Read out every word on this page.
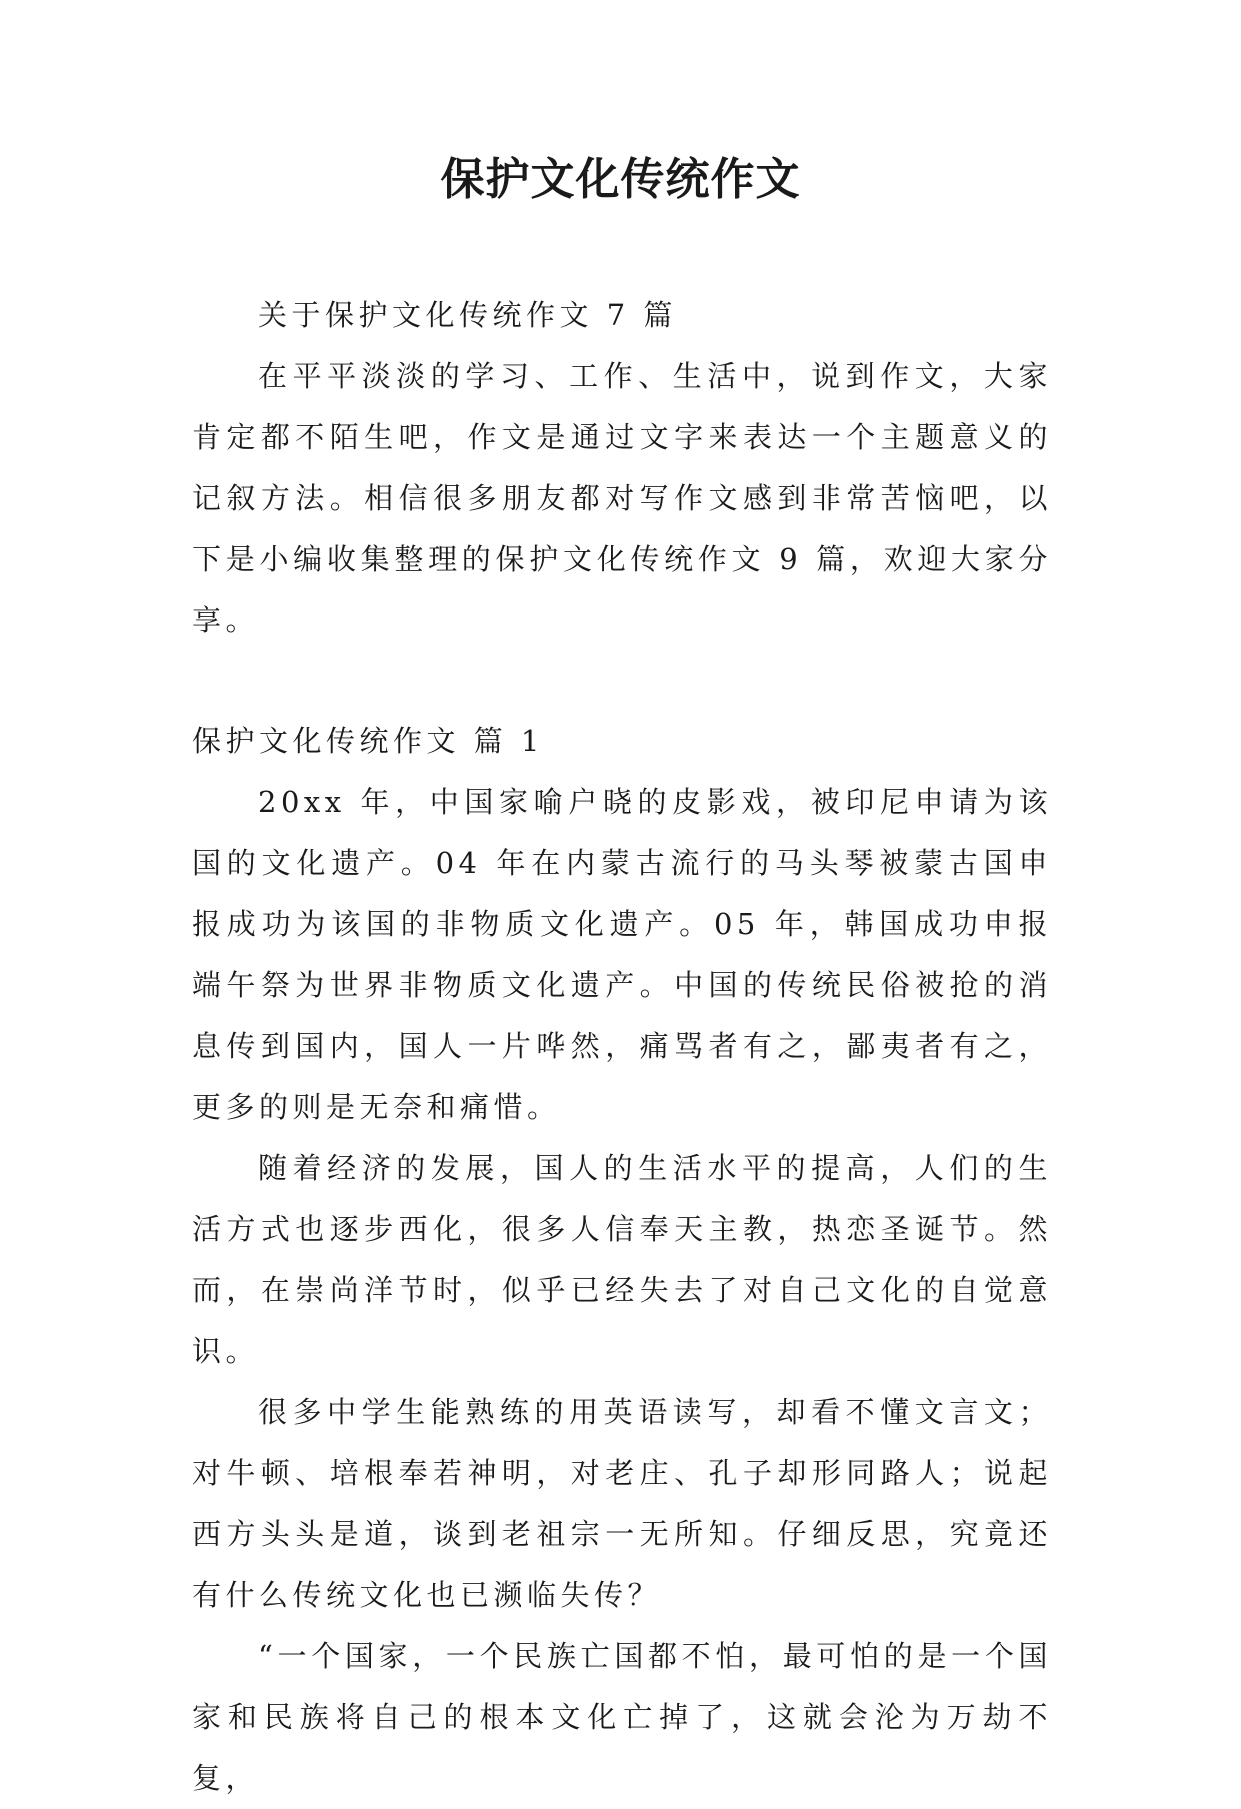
保护文化传统作文

关于保护文化传统作文 7 篇

在平平淡淡的学习、工作、生活中，说到作文，大家肯定都不陌生吧，作文是通过文字来表达一个主题意义的记叙方法。相信很多朋友都对写作文感到非常苦恼吧，以下是小编收集整理的保护文化传统作文 9 篇，欢迎大家分享。

保护文化传统作文 篇 1

20xx 年，中国家喻户晓的皮影戏，被印尼申请为该国的文化遗产。04 年在内蒙古流行的马头琴被蒙古国申报成功为该国的非物质文化遗产。05 年，韩国成功申报端午祭为世界非物质文化遗产。中国的传统民俗被抢的消息传到国内，国人一片哗然，痛骂者有之，鄙夷者有之，更多的则是无奈和痛惜。

随着经济的发展，国人的生活水平的提高，人们的生活方式也逐步西化，很多人信奉天主教，热恋圣诞节。然而，在崇尚洋节时，似乎已经失去了对自己文化的自觉意识。

很多中学生能熟练的用英语读写，却看不懂文言文；对牛顿、培根奉若神明，对老庄、孔子却形同路人；说起西方头头是道，谈到老祖宗一无所知。仔细反思，究竟还有什么传统文化也已濒临失传？

“一个国家，一个民族亡国都不怕，最可怕的是一个国家和民族将自己的根本文化亡掉了，这就会沦为万劫不复，
